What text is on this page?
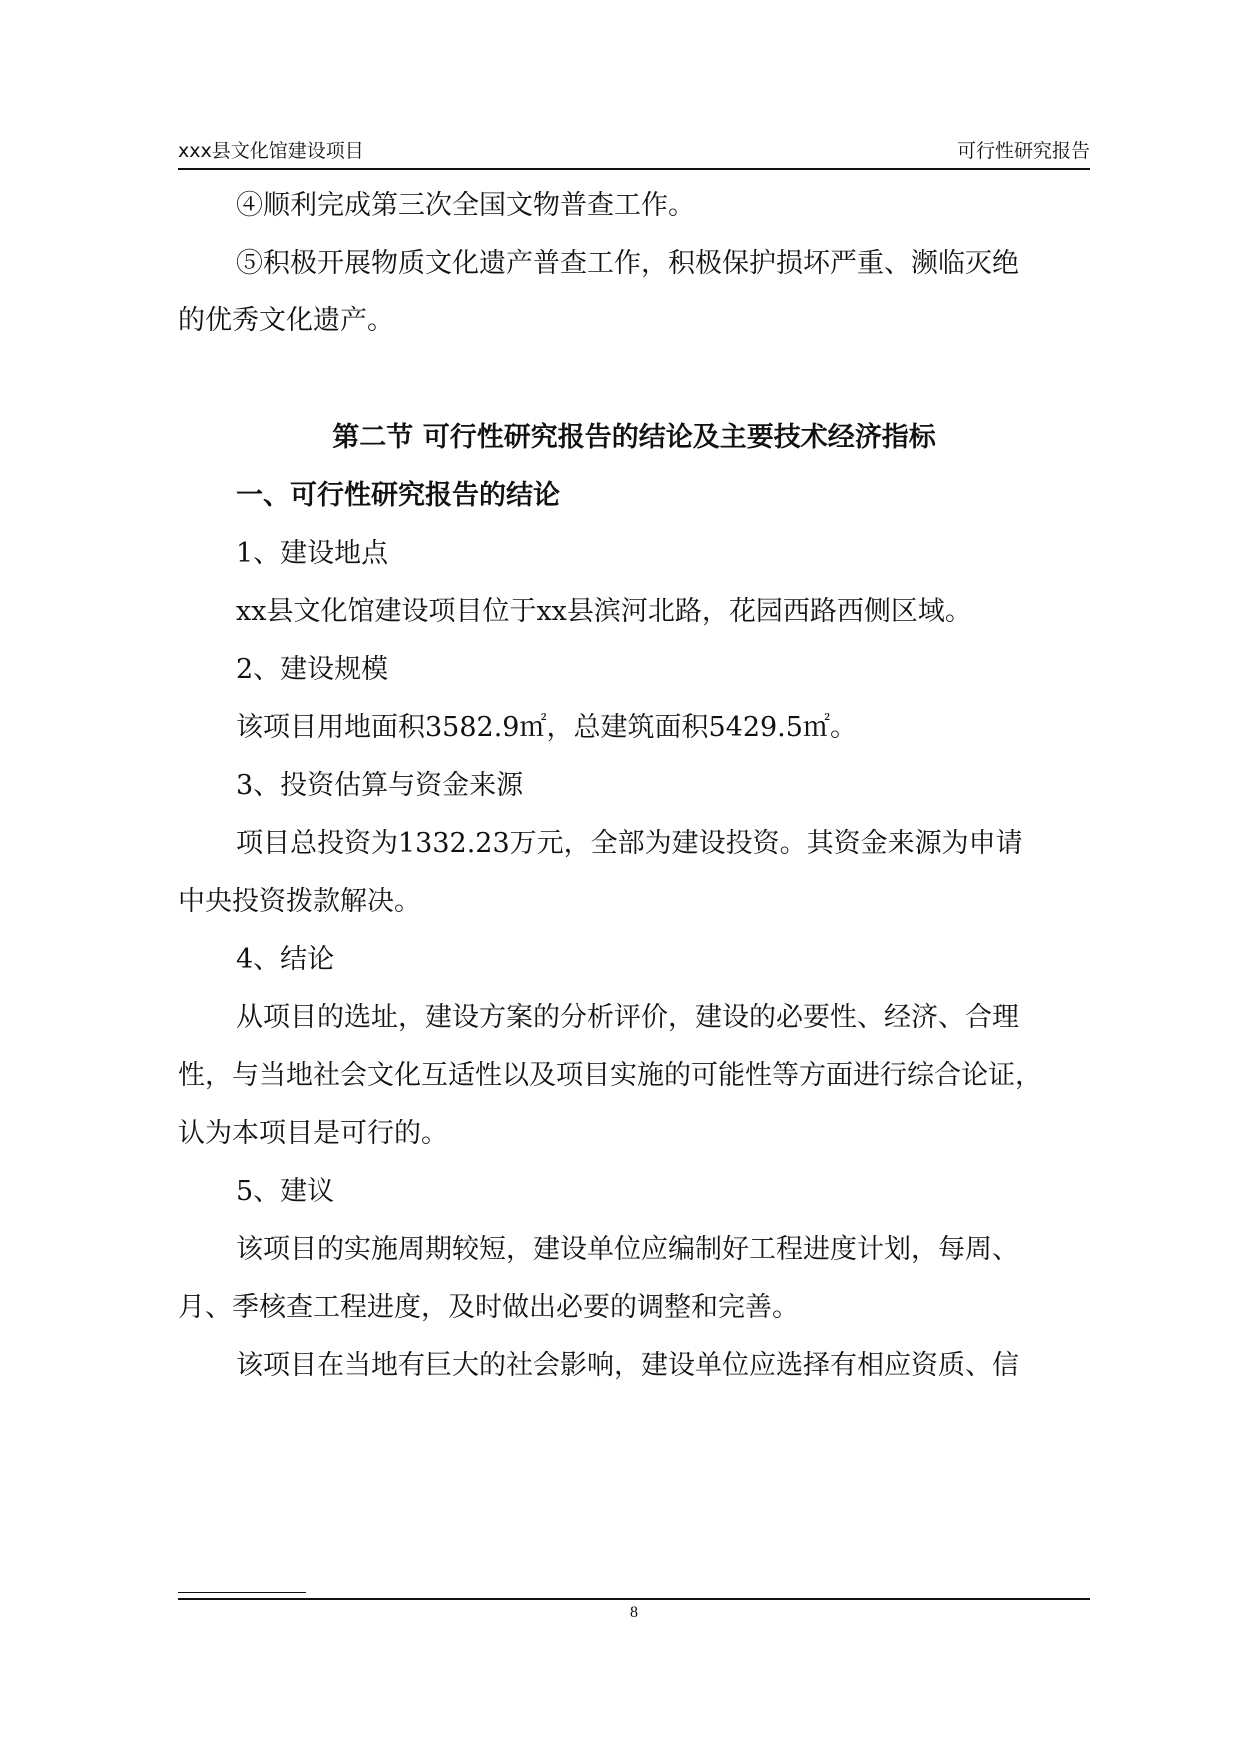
xxx县文化馆建设项目	可行性研究报告
④顺利完成第三次全国文物普查工作。
⑤积极开展物质文化遗产普查工作，积极保护损坏严重、濒临灭绝
的优秀文化遗产。
第二节 可行性研究报告的结论及主要技术经济指标
一、可行性研究报告的结论
1、建设地点
xx县文化馆建设项目位于xx县滨河北路，花园西路西侧区域。
2、建设规模
该项目用地面积3582.9㎡，总建筑面积5429.5㎡。
3、投资估算与资金来源
项目总投资为1332.23万元，全部为建设投资。其资金来源为申请
中央投资拨款解决。
4、结论
从项目的选址，建设方案的分析评价，建设的必要性、经济、合理
性，与当地社会文化互适性以及项目实施的可能性等方面进行综合论证，
认为本项目是可行的。
5、建议
该项目的实施周期较短，建设单位应编制好工程进度计划，每周、
月、季核查工程进度，及时做出必要的调整和完善。
该项目在当地有巨大的社会影响，建设单位应选择有相应资质、信
8
